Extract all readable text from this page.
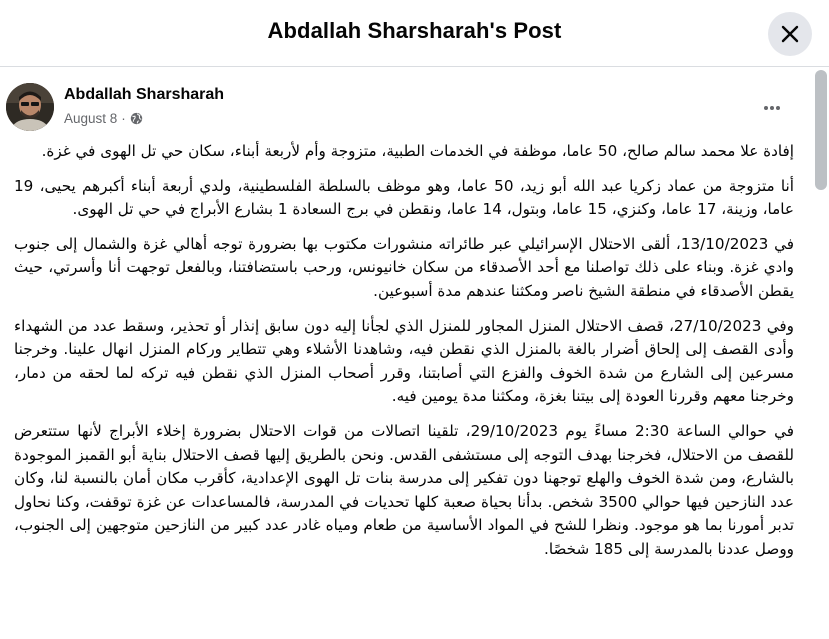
Abdallah Sharsharah's Post
Abdallah Sharsharah
August 8 ·

إفادة علا محمد سالم صالح، 50 عاما، موظفة في الخدمات الطبية، متزوجة وأم لأربعة أبناء، سكان حي تل الهوى في غزة.

أنا متزوجة من عماد زكريا عبد الله أبو زيد، 50 عاما، وهو موظف بالسلطة الفلسطينية، ولدي أربعة أبناء أكبرهم يحيى، 19 عاما، وزينة، 17 عاما، وكنزي، 15 عاما، وبتول، 14 عاما، ونقطن في برج السعادة 1 بشارع الأبراج في حي تل الهوى.

في 13/10/2023، ألقى الاحتلال الإسرائيلي عبر طائراته منشورات مكتوب بها بضرورة توجه أهالي غزة والشمال إلى جنوب وادي غزة. وبناء على ذلك تواصلنا مع أحد الأصدقاء من سكان خانيونس، ورحب باستضافتنا، وبالفعل توجهت أنا وأسرتي، حيث يقطن الأصدقاء في منطقة الشيخ ناصر ومكثنا عندهم مدة أسبوعين.

وفي 27/10/2023، قصف الاحتلال المنزل المجاور للمنزل الذي لجأنا إليه دون سابق إنذار أو تحذير، وسقط عدد من الشهداء وأدى القصف إلى إلحاق أضرار بالغة بالمنزل الذي نقطن فيه، وشاهدنا الأشلاء وهي تتطاير وركام المنزل انهال علينا. وخرجنا مسرعين إلى الشارع من شدة الخوف والفزع التي أصابتنا، وقرر أصحاب المنزل الذي نقطن فيه تركه لما لحقه من دمار، وخرجنا معهم وقررنا العودة إلى بيتنا بغزة، ومكثنا مدة يومين فيه.

في حوالي الساعة 2:30 مساءً يوم 29/10/2023، تلقينا اتصالات من قوات الاحتلال بضرورة إخلاء الأبراج لأنها ستتعرض للقصف من الاحتلال، فخرجنا بهدف التوجه إلى مستشفى القدس. ونحن بالطريق إليها قصف الاحتلال بناية أبو القمبز الموجودة بالشارع، ومن شدة الخوف والهلع توجهنا دون تفكير إلى مدرسة بنات تل الهوى الإعدادية، كأقرب مكان أمان بالنسبة لنا، وكان عدد النازحين فيها حوالي 3500 شخص. بدأنا بحياة صعبة كلها تحديات في المدرسة، فالمساعدات عن غزة توقفت، وكنا نحاول تدبر أمورنا بما هو موجود. ونظرا للشح في المواد الأساسية من طعام ومياه غادر عدد كبير من النازحين متوجهين إلى الجنوب، ووصل عددنا بالمدرسة إلى 185 شخصًا.
